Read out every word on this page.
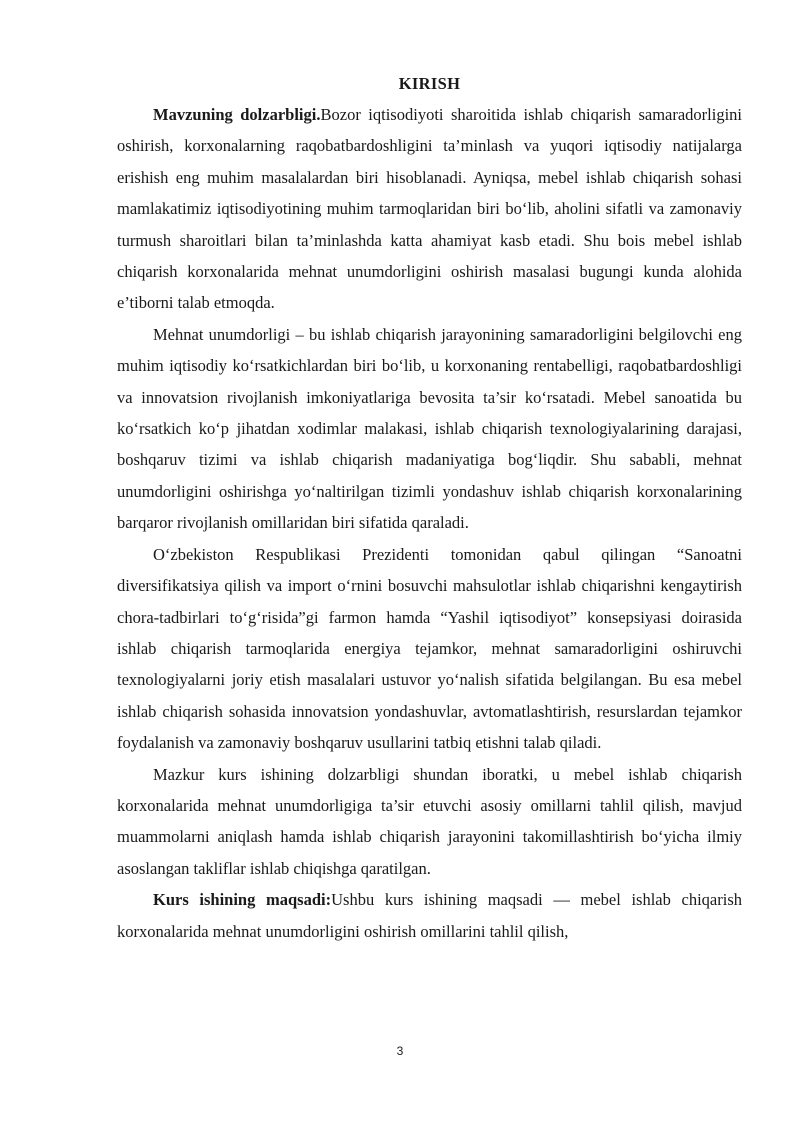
KIRISH

Mavzuning dolzarbligi.Bozor iqtisodiyoti sharoitida ishlab chiqarish samaradorligini oshirish, korxonalarning raqobatbardoshligini ta’minlash va yuqori iqtisodiy natijalarga erishish eng muhim masalalardan biri hisoblanadi. Ayniqsa, mebel ishlab chiqarish sohasi mamlakatimiz iqtisodiyotining muhim tarmoqlaridan biri bo‘lib, aholini sifatli va zamonaviy turmush sharoitlari bilan ta’minlashda katta ahamiyat kasb etadi. Shu bois mebel ishlab chiqarish korxonalarida mehnat unumdorligini oshirish masalasi bugungi kunda alohida e’tiborni talab etmoqda.

Mehnat unumdorligi – bu ishlab chiqarish jarayonining samaradorligini belgilovchi eng muhim iqtisodiy ko‘rsatkichlardan biri bo‘lib, u korxonaning rentabelligi, raqobatbardoshligi va innovatsion rivojlanish imkoniyatlariga bevosita ta’sir ko‘rsatadi. Mebel sanoatida bu ko‘rsatkich ko‘p jihatdan xodimlar malakasi, ishlab chiqarish texnologiyalarining darajasi, boshqaruv tizimi va ishlab chiqarish madaniyatiga bog‘liqdir. Shu sababli, mehnat unumdorligini oshirishga yo‘naltirilgan tizimli yondashuv ishlab chiqarish korxonalarining barqaror rivojlanish omillaridan biri sifatida qaraladi.

O‘zbekiston Respublikasi Prezidenti tomonidan qabul qilingan “Sanoatni diversifikatsiya qilish va import o‘rnini bosuvchi mahsulotlar ishlab chiqarishni kengaytirish chora-tadbirlari to‘g‘risida”gi farmon hamda “Yashil iqtisodiyot” konsepsiyasi doirasida ishlab chiqarish tarmoqlarida energiya tejamkor, mehnat samaradorligini oshiruvchi texnologiyalarni joriy etish masalalari ustuvor yo‘nalish sifatida belgilangan. Bu esa mebel ishlab chiqarish sohasida innovatsion yondashuvlar, avtomatlashtirish, resurslardan tejamkor foydalanish va zamonaviy boshqaruv usullarini tatbiq etishni talab qiladi.

Mazkur kurs ishining dolzarbligi shundan iboratki, u mebel ishlab chiqarish korxonalarida mehnat unumdorligiga ta’sir etuvchi asosiy omillarni tahlil qilish, mavjud muammolarni aniqlash hamda ishlab chiqarish jarayonini takomillashtirish bo‘yicha ilmiy asoslangan takliflar ishlab chiqishga qaratilgan.

Kurs ishining maqsadi:Ushbu kurs ishining maqsadi — mebel ishlab chiqarish korxonalarida mehnat unumdorligini oshirish omillarini tahlil qilish,

3
